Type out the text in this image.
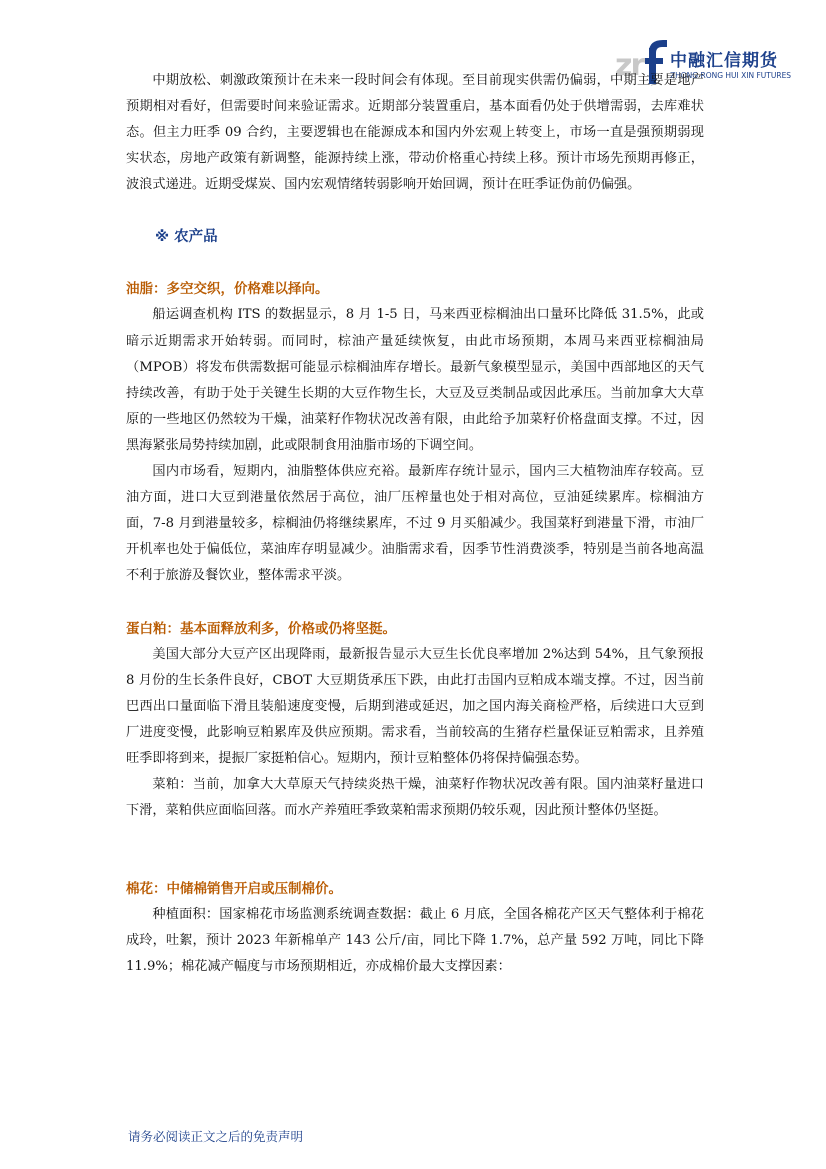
zr 中融汇信期货
ZHONG RONG HUI XIN FUTURES

中期放松、刺激政策预计在未来一段时间会有体现。至目前现实供需仍偏弱，中期主要是地产预期相对看好，但需要时间来验证需求。近期部分装置重启，基本面看仍处于供增需弱，去库难状态。但主力旺季 09 合约，主要逻辑也在能源成本和国内外宏观上转变上，市场一直是强预期弱现实状态，房地产政策有新调整，能源持续上涨，带动价格重心持续上移。预计市场先预期再修正，波浪式递进。近期受煤炭、国内宏观情绪转弱影响开始回调，预计在旺季证伪前仍偏强。

※ 农产品
油脂：多空交织，价格难以择向。

船运调查机构 ITS 的数据显示，8 月 1-5 日，马来西亚棕榈油出口量环比降低 31.5%，此或暗示近期需求开始转弱。而同时，棕油产量延续恢复，由此市场预期，本周马来西亚棕榈油局（MPOB）将发布供需数据可能显示棕榈油库存增长。最新气象模型显示，美国中西部地区的天气持续改善，有助于处于关键生长期的大豆作物生长，大豆及豆类制品或因此承压。当前加拿大大草原的一些地区仍然较为干燥，油菜籽作物状况改善有限，由此给予加菜籽价格盘面支撑。不过，因黑海紧张局势持续加剧，此或限制食用油脂市场的下调空间。

国内市场看，短期内，油脂整体供应充裕。最新库存统计显示，国内三大植物油库存较高。豆油方面，进口大豆到港量依然居于高位，油厂压榨量也处于相对高位，豆油延续累库。棕榈油方面，7-8 月到港量较多，棕榈油仍将继续累库，不过 9 月买船减少。我国菜籽到港量下滑，市油厂开机率也处于偏低位，菜油库存明显减少。油脂需求看，因季节性消费淡季，特别是当前各地高温不利于旅游及餐饮业，整体需求平淡。

蛋白粕：基本面释放利多，价格或仍将坚挺。

美国大部分大豆产区出现降雨，最新报告显示大豆生长优良率增加 2%达到 54%，且气象预报 8 月份的生长条件良好，CBOT 大豆期货承压下跌，由此打击国内豆粕成本端支撑。不过，因当前巴西出口量面临下滑且装船速度变慢，后期到港或延迟，加之国内海关商检严格，后续进口大豆到厂进度变慢，此影响豆粕累库及供应预期。需求看，当前较高的生猪存栏量保证豆粕需求，且养殖旺季即将到来，提振厂家挺粕信心。短期内，预计豆粕整体仍将保持偏强态势。

菜粕：当前，加拿大大草原天气持续炎热干燥，油菜籽作物状况改善有限。国内油菜籽量进口下滑，菜粕供应面临回落。而水产养殖旺季致菜粕需求预期仍较乐观，因此预计整体仍坚挺。

棉花：中储棉销售开启或压制棉价。

种植面积：国家棉花市场监测系统调查数据：截止 6 月底，全国各棉花产区天气整体利于棉花成玲，吐絮，预计 2023 年新棉单产 143 公斤/亩，同比下降 1.7%，总产量 592 万吨，同比下降 11.9%；棉花减产幅度与市场预期相近，亦成棉价最大支撑因素：

请务必阅读正文之后的免责声明
